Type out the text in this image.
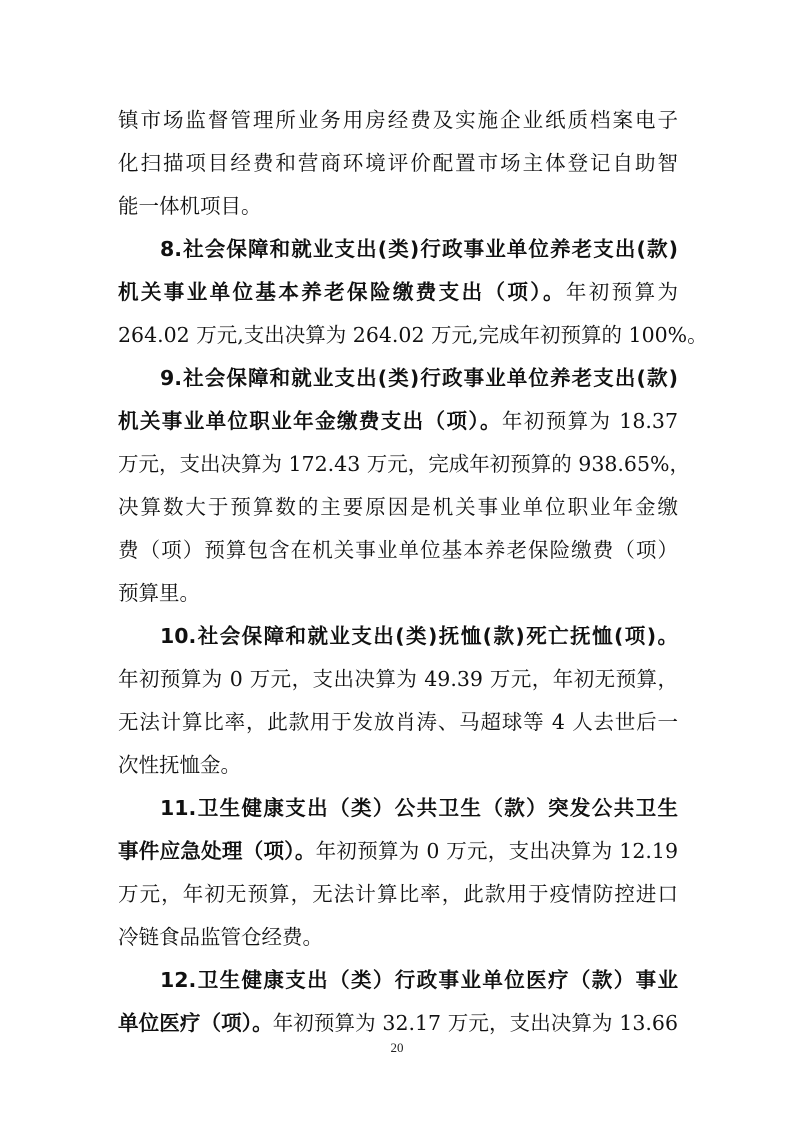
镇市场监督管理所业务用房经费及实施企业纸质档案电子
化扫描项目经费和营商环境评价配置市场主体登记自助智
能一体机项目。
8.社会保障和就业支出(类)行政事业单位养老支出(款)
机关事业单位基本养老保险缴费支出（项）。年初预算为
264.02 万元,支出决算为 264.02 万元,完成年初预算的 100%。
9.社会保障和就业支出(类)行政事业单位养老支出(款)
机关事业单位职业年金缴费支出（项）。年初预算为 18.37
万元，支出决算为 172.43 万元，完成年初预算的 938.65%，
决算数大于预算数的主要原因是机关事业单位职业年金缴
费（项）预算包含在机关事业单位基本养老保险缴费（项）
预算里。
10.社会保障和就业支出(类)抚恤(款)死亡抚恤(项)。
年初预算为 0 万元，支出决算为 49.39 万元，年初无预算，
无法计算比率，此款用于发放肖涛、马超球等 4 人去世后一
次性抚恤金。
11.卫生健康支出（类）公共卫生（款）突发公共卫生
事件应急处理（项）。年初预算为 0 万元，支出决算为 12.19
万元，年初无预算，无法计算比率，此款用于疫情防控进口
冷链食品监管仓经费。
12.卫生健康支出（类）行政事业单位医疗（款）事业
单位医疗（项）。年初预算为 32.17 万元，支出决算为 13.66
20
